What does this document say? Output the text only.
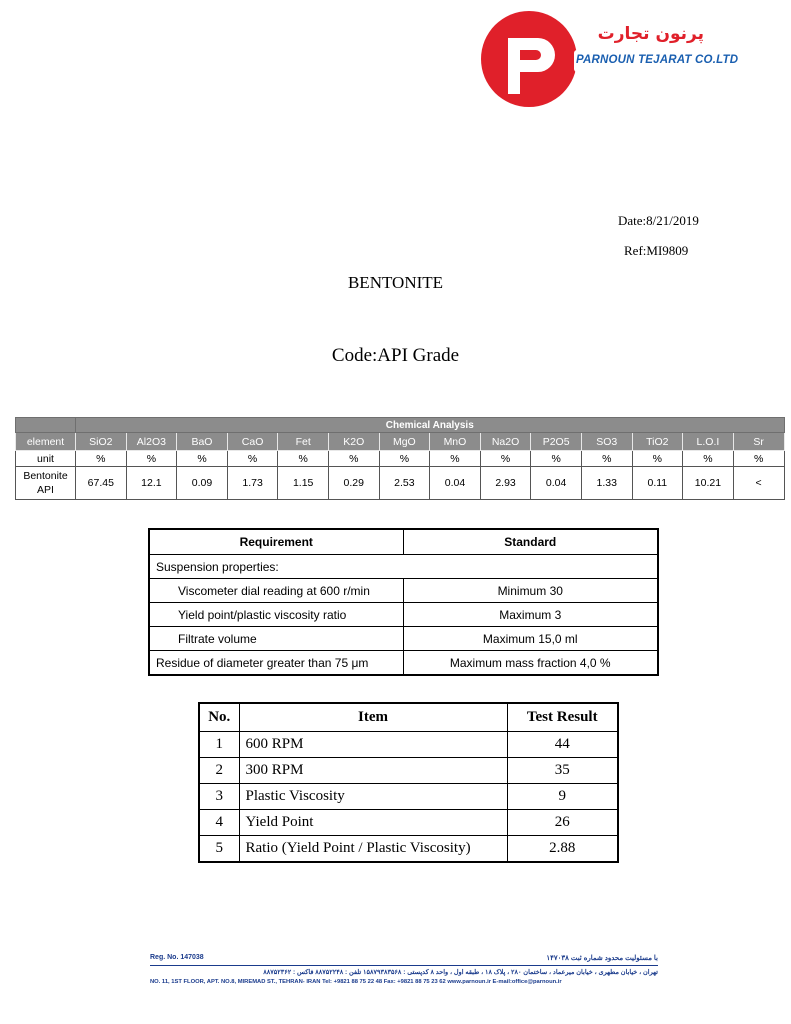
پرنون تجارت
PARNOUN TEJARAT CO.LTD
Date:8/21/2019
Ref:MI9809
BENTONITE
Code:API Grade
	Chemical Analysis													
element	SiO2	Al2O3	BaO	CaO	Fet	K2O	MgO	MnO	Na2O	P2O5	SO3	TiO2	L.O.I	Sr
unit	%	%	%	%	%	%	%	%	%	%	%	%	%	%
Bentonite
API	67.45	12.1	0.09	1.73	1.15	0.29	2.53	0.04	2.93	0.04	1.33	0.11	10.21	<
Requirement	Standard
Suspension properties:	
Viscometer dial reading at 600 r/min	Minimum 30
Yield point/plastic viscosity ratio	Maximum 3
Filtrate volume	Maximum 15,0 ml
Residue of diameter greater than 75 μm	Maximum mass fraction 4,0 %
No.	Item	Test Result
1	600 RPM	44
2	300 RPM	35
3	Plastic Viscosity	9
4	Yield Point	26
5	Ratio (Yield Point / Plastic Viscosity)	2.88
Reg. No. 147038	با مسئولیت محدود شماره ثبت ۱۴۷۰۳۸
تهران ، خیابان مطهری ، خیابان میرعماد ، ساختمان ۲۸۰ ، پلاک ۱۸ ، طبقه اول ، واحد ۸ کدپستی : ۱۵۸۷۹۳۸۳۵۶۸ تلفن : ۸۸۷۵۲۲۴۸ فاکس : ۸۸۷۵۲۳۶۲
NO. 11, 1ST FLOOR, APT. NO.8, MIREMAD ST., TEHRAN- IRAN Tel: +9821 88 75 22 48 Fax: +9821 88 75 23 62 www.parnoun.ir E-mail:office@parnoun.ir
